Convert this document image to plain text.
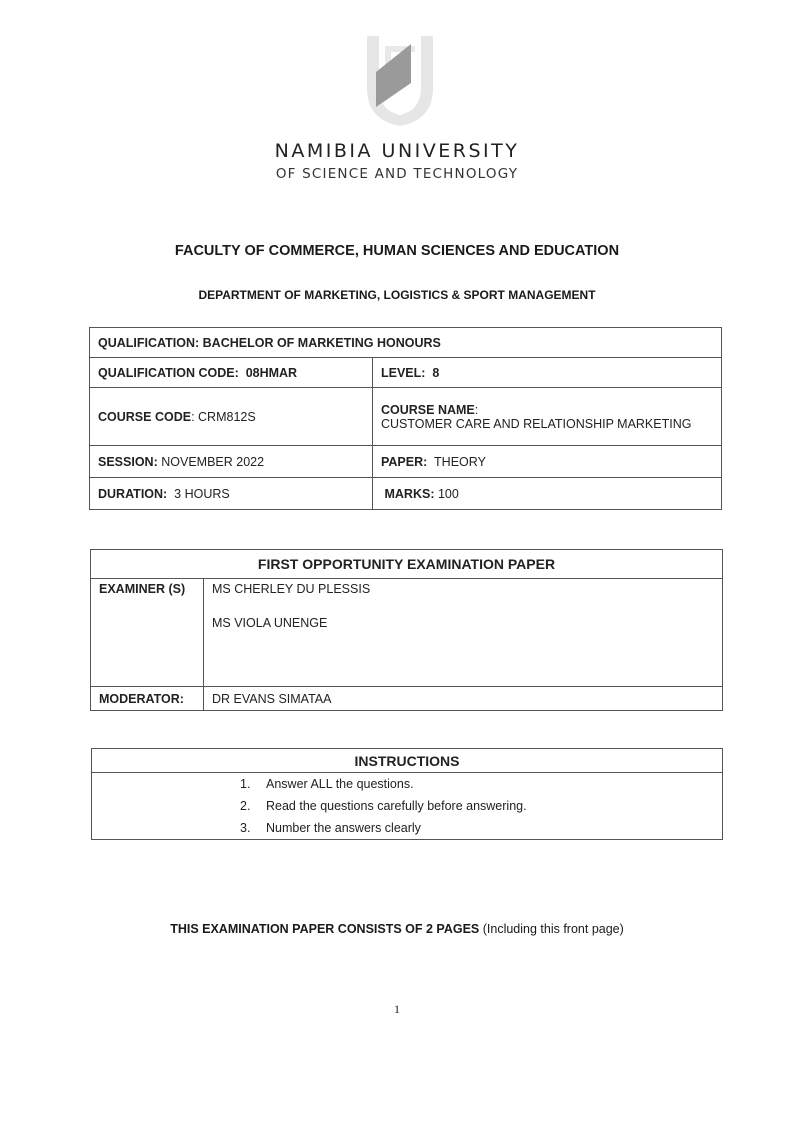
NAMIBIA UNIVERSITY
OF SCIENCE AND TECHNOLOGY
FACULTY OF COMMERCE, HUMAN SCIENCES AND EDUCATION
DEPARTMENT OF MARKETING, LOGISTICS & SPORT MANAGEMENT
QUALIFICATION: BACHELOR OF MARKETING HONOURS	
QUALIFICATION CODE: 08HMAR	LEVEL: 8
COURSE CODE: CRM812S	COURSE NAME:
CUSTOMER CARE AND RELATIONSHIP MARKETING

SESSION: NOVEMBER 2022	PAPER: THEORY
DURATION: 3 HOURS	MARKS: 100
FIRST OPPORTUNITY EXAMINATION PAPER	
EXAMINER (S)	MS CHERLEY DU PLESSIS
MS VIOLA UNENGE

MODERATOR:	DR EVANS SIMATAA
INSTRUCTIONS

1. Answer ALL the questions.
2. Read the questions carefully before answering.
3. Number the answers clearly
THIS EXAMINATION PAPER CONSISTS OF 2 PAGES (Including this front page)
1
